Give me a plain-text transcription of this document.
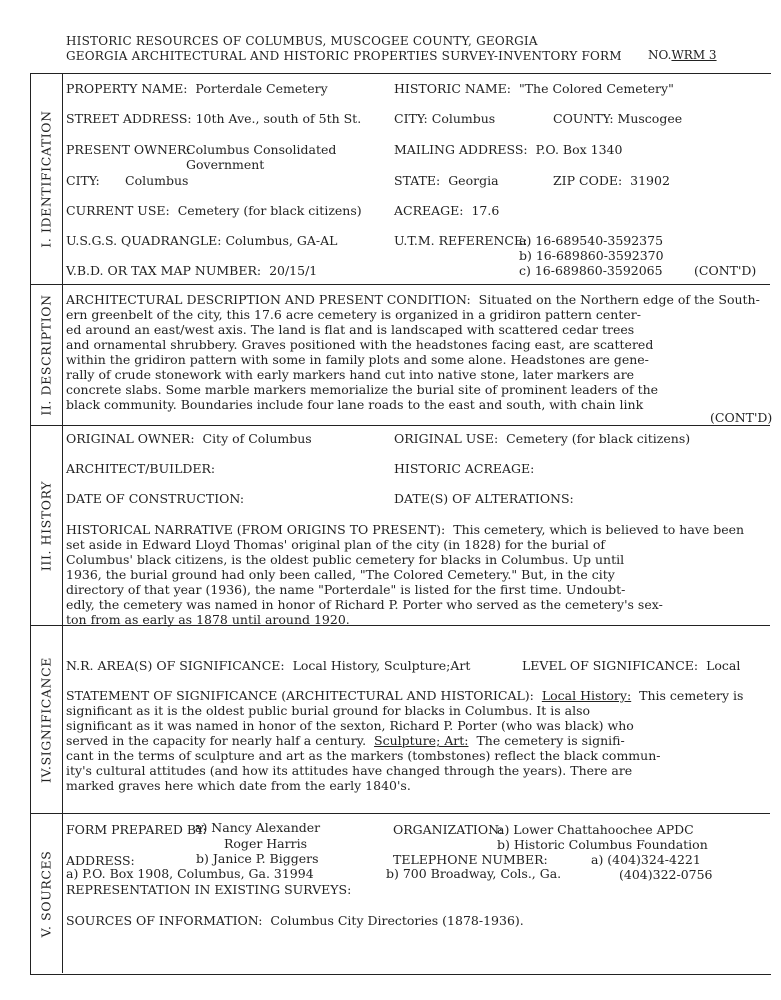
HISTORIC RESOURCES OF COLUMBUS, MUSCOGEE COUNTY, GEORGIA
GEORGIA ARCHITECTURAL AND HISTORIC PROPERTIES SURVEY-INVENTORY FORM NO.WRM 3
I. IDENTIFICATION
II. DESCRIPTION
III. HISTORY
IV.SIGNIFICANCE
V. SOURCES
PROPERTY NAME: Porterdale Cemetery	HISTORIC NAME: "The Colored Cemetery"
STREET ADDRESS: 10th Ave., south of 5th St.	CITY: Columbus	COUNTY: Muscogee
PRESENT OWNER:
Columbus Consolidated
Government
MAILING ADDRESS: P.O. Box 1340
CITY: Columbus	STATE: Georgia	ZIP CODE: 31902
CURRENT USE: Cemetery (for black citizens)	ACREAGE: 17.6
U.S.G.S. QUADRANGLE: Columbus, GA-AL	U.T.M. REFERENCE:
a) 16-689540-3592375
b) 16-689860-3592370
c) 16-689860-3592065	(CONT'D)
V.B.D. OR TAX MAP NUMBER: 20/15/1
ARCHITECTURAL DESCRIPTION AND PRESENT CONDITION: Situated on the Northern edge of the South-
ern greenbelt of the city, this 17.6 acre cemetery is organized in a gridiron pattern center-
ed around an east/west axis. The land is flat and is landscaped with scattered cedar trees
and ornamental shrubbery. Graves positioned with the headstones facing east, are scattered
within the gridiron pattern with some in family plots and some alone. Headstones are gene-
rally of crude stonework with early markers hand cut into native stone, later markers are
concrete slabs. Some marble markers memorialize the burial site of prominent leaders of the
black community. Boundaries include four lane roads to the east and south, with chain link
(CONT'D)
ORIGINAL OWNER: City of Columbus	ORIGINAL USE: Cemetery (for black citizens)
ARCHITECT/BUILDER:	HISTORIC ACREAGE:
DATE OF CONSTRUCTION:	DATE(S) OF ALTERATIONS:
HISTORICAL NARRATIVE (FROM ORIGINS TO PRESENT): This cemetery, which is believed to have been
set aside in Edward Lloyd Thomas' original plan of the city (in 1828) for the burial of
Columbus' black citizens, is the oldest public cemetery for blacks in Columbus. Up until
1936, the burial ground had only been called, "The Colored Cemetery." But, in the city
directory of that year (1936), the name "Porterdale" is listed for the first time. Undoubt-
edly, the cemetery was named in honor of Richard P. Porter who served as the cemetery's sex-
ton from as early as 1878 until around 1920.
N.R. AREA(S) OF SIGNIFICANCE: Local History, Sculpture;Art	LEVEL OF SIGNIFICANCE: Local
STATEMENT OF SIGNIFICANCE (ARCHITECTURAL AND HISTORICAL): Local History: This cemetery is
significant as it is the oldest public burial ground for blacks in Columbus. It is also
significant as it was named in honor of the sexton, Richard P. Porter (who was black) who
served in the capacity for nearly half a century. Sculpture; Art: The cemetery is signifi-
cant in the terms of sculpture and art as the markers (tombstones) reflect the black commun-
ity's cultural attitudes (and how its attitudes have changed through the years). There are
marked graves here which date from the early 1840's.
FORM PREPARED BY:
a) Nancy Alexander
Roger Harris
b) Janice P. Biggers
ORGANIZATION:
a) Lower Chattahoochee APDC
b) Historic Columbus Foundation
ADDRESS:
a) P.O. Box 1908, Columbus, Ga. 31994	b) 700 Broadway, Cols., Ga.
TELEPHONE NUMBER:	a) (404)324-4221
(404)322-0756
REPRESENTATION IN EXISTING SURVEYS:
SOURCES OF INFORMATION: Columbus City Directories (1878-1936).
